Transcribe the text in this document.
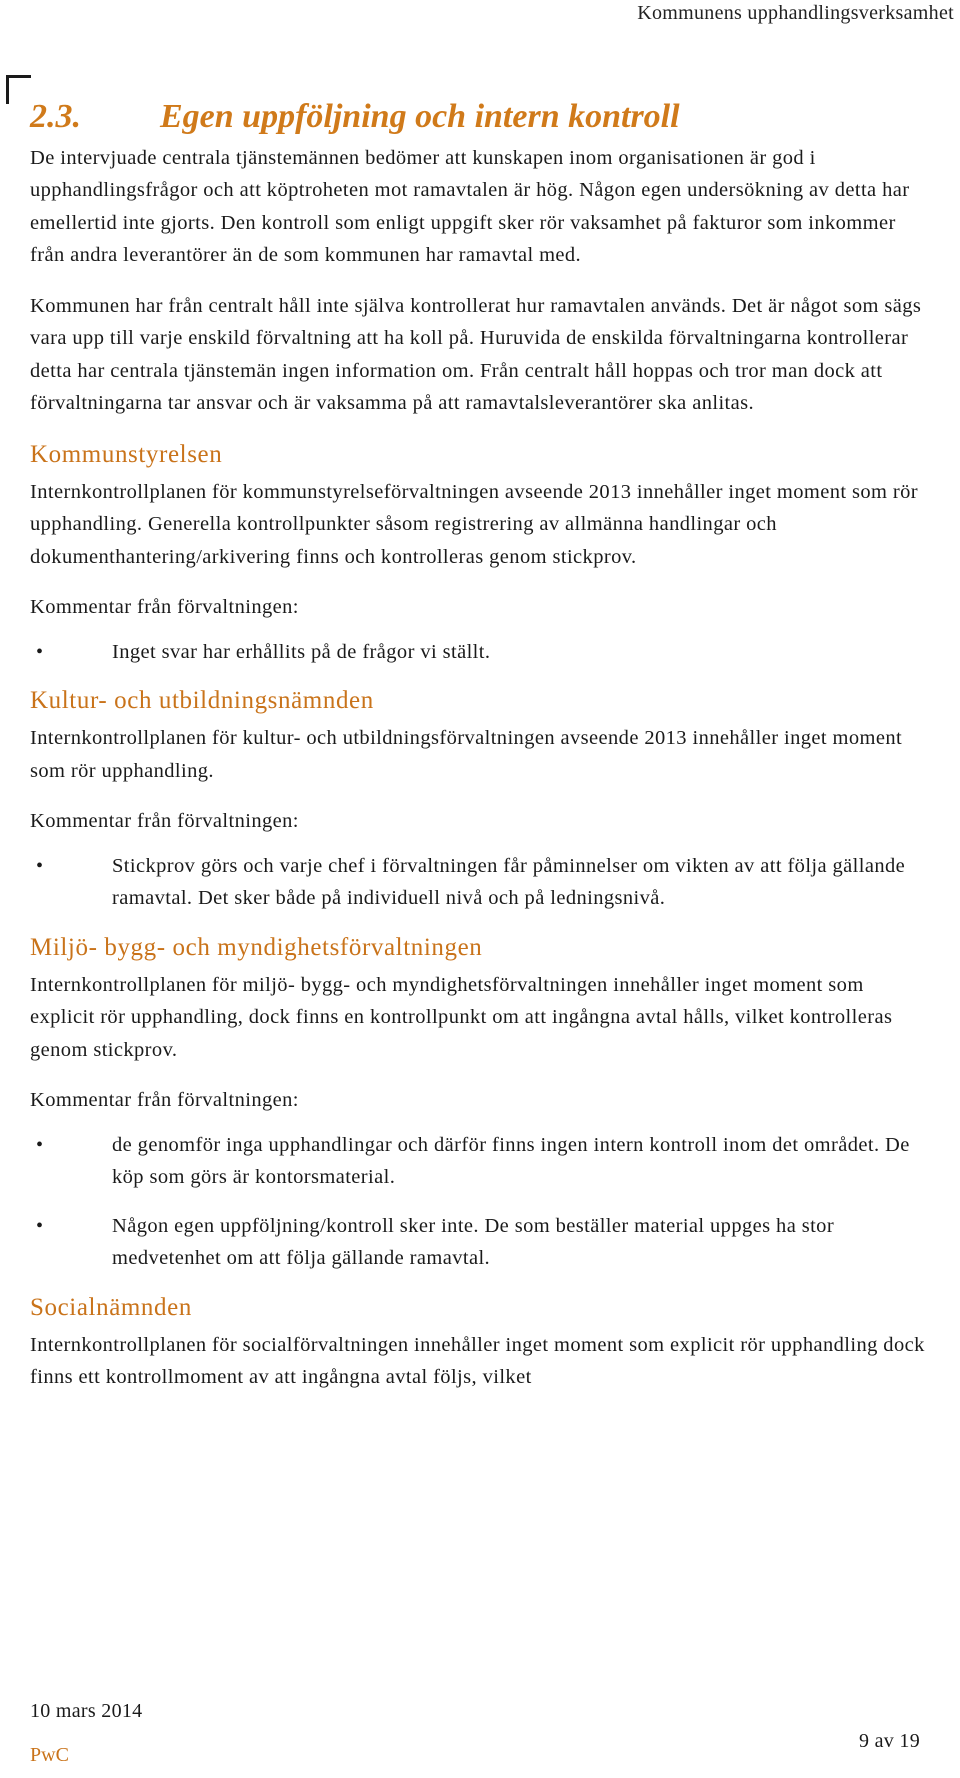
Kommunens upphandlingsverksamhet
2.3.	Egen uppföljning och intern kontroll

De intervjuade centrala tjänstemännen bedömer att kunskapen inom organisationen är god i upphandlingsfrågor och att köptroheten mot ramavtalen är hög. Någon egen undersökning av detta har emellertid inte gjorts. Den kontroll som enligt uppgift sker rör vaksamhet på fakturor som inkommer från andra leverantörer än de som kommunen har ramavtal med.

Kommunen har från centralt håll inte själva kontrollerat hur ramavtalen används. Det är något som sägs vara upp till varje enskild förvaltning att ha koll på. Huruvida de enskilda förvaltningarna kontrollerar detta har centrala tjänstemän ingen information om. Från centralt håll hoppas och tror man dock att förvaltningarna tar ansvar och är vaksamma på att ramavtalsleverantörer ska anlitas.

Kommunstyrelsen

Internkontrollplanen för kommunstyrelseförvaltningen avseende 2013 innehåller inget moment som rör upphandling. Generella kontrollpunkter såsom registrering av allmänna handlingar och dokumenthantering/arkivering finns och kontrolleras genom stickprov.

Kommentar från förvaltningen:

•	Inget svar har erhållits på de frågor vi ställt.
Kultur- och utbildningsnämnden

Internkontrollplanen för kultur- och utbildningsförvaltningen avseende 2013 innehåller inget moment som rör upphandling.

Kommentar från förvaltningen:

•	Stickprov görs och varje chef i förvaltningen får påminnelser om vikten av att följa gällande ramavtal. Det sker både på individuell nivå och på ledningsnivå.
Miljö- bygg- och myndighetsförvaltningen

Internkontrollplanen för miljö- bygg- och myndighetsförvaltningen innehåller inget moment som explicit rör upphandling, dock finns en kontrollpunkt om att ingångna avtal hålls, vilket kontrolleras genom stickprov.

Kommentar från förvaltningen:

•	de genomför inga upphandlingar och därför finns ingen intern kontroll inom det området. De köp som görs är kontorsmaterial.
•	Någon egen uppföljning/kontroll sker inte. De som beställer material uppges ha stor medvetenhet om att följa gällande ramavtal.
Socialnämnden

Internkontrollplanen för socialförvaltningen innehåller inget moment som explicit rör upphandling dock finns ett kontrollmoment av att ingångna avtal följs, vilket

10 mars 2014
PwC
9 av 19
